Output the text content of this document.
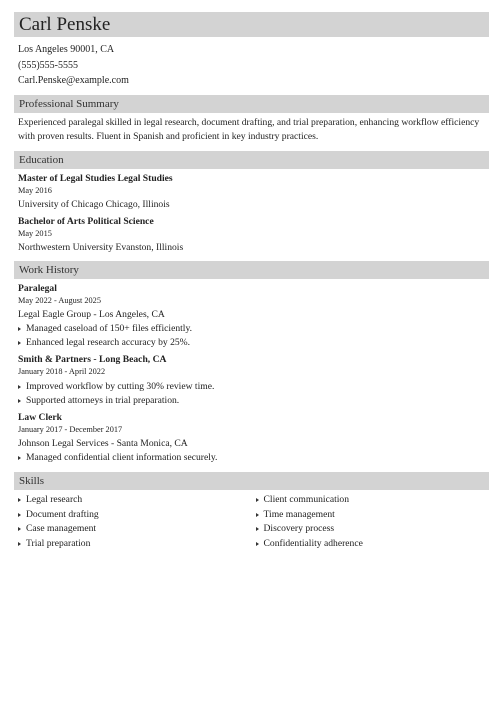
Carl Penske
Los Angeles 90001, CA
(555)555-5555
Carl.Penske@example.com
Professional Summary
Experienced paralegal skilled in legal research, document drafting, and trial preparation, enhancing workflow efficiency with proven results. Fluent in Spanish and proficient in key industry practices.
Education
Master of Legal Studies Legal Studies
May 2016
University of Chicago Chicago, Illinois
Bachelor of Arts Political Science
May 2015
Northwestern University Evanston, Illinois
Work History
Paralegal
May 2022 - August 2025
Legal Eagle Group - Los Angeles, CA
Managed caseload of 150+ files efficiently.
Enhanced legal research accuracy by 25%.
Smith & Partners - Long Beach, CA
January 2018 - April 2022
Improved workflow by cutting 30% review time.
Supported attorneys in trial preparation.
Law Clerk
January 2017 - December 2017
Johnson Legal Services - Santa Monica, CA
Managed confidential client information securely.
Skills
Legal research
Document drafting
Case management
Trial preparation
Client communication
Time management
Discovery process
Confidentiality adherence
